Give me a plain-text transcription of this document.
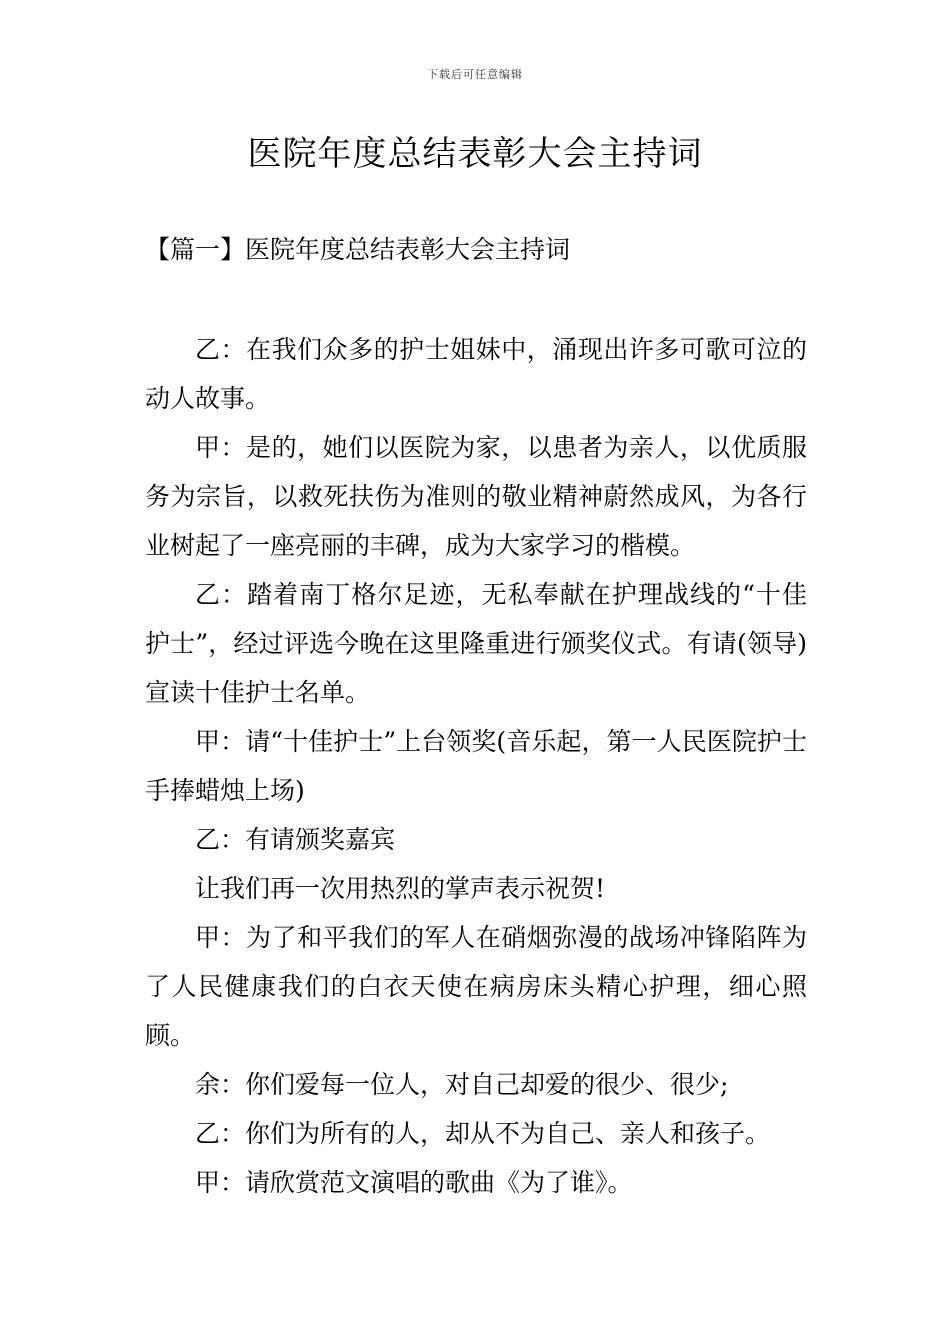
下载后可任意编辑
医院年度总结表彰大会主持词
【篇一】医院年度总结表彰大会主持词

乙：在我们众多的护士姐妹中，涌现出许多可歌可泣的动人故事。

甲：是的，她们以医院为家，以患者为亲人，以优质服务为宗旨，以救死扶伤为准则的敬业精神蔚然成风，为各行业树起了一座亮丽的丰碑，成为大家学习的楷模。

乙：踏着南丁格尔足迹，无私奉献在护理战线的“十佳护士”，经过评选今晚在这里隆重进行颁奖仪式。有请(领导)宣读十佳护士名单。

甲：请“十佳护士”上台领奖(音乐起，第一人民医院护士手捧蜡烛上场)

乙：有请颁奖嘉宾

让我们再一次用热烈的掌声表示祝贺!

甲：为了和平我们的军人在硝烟弥漫的战场冲锋陷阵为了人民健康我们的白衣天使在病房床头精心护理，细心照顾。

余：你们爱每一位人，对自己却爱的很少、很少;

乙：你们为所有的人，却从不为自己、亲人和孩子。

甲：请欣赏范文演唱的歌曲《为了谁》。
